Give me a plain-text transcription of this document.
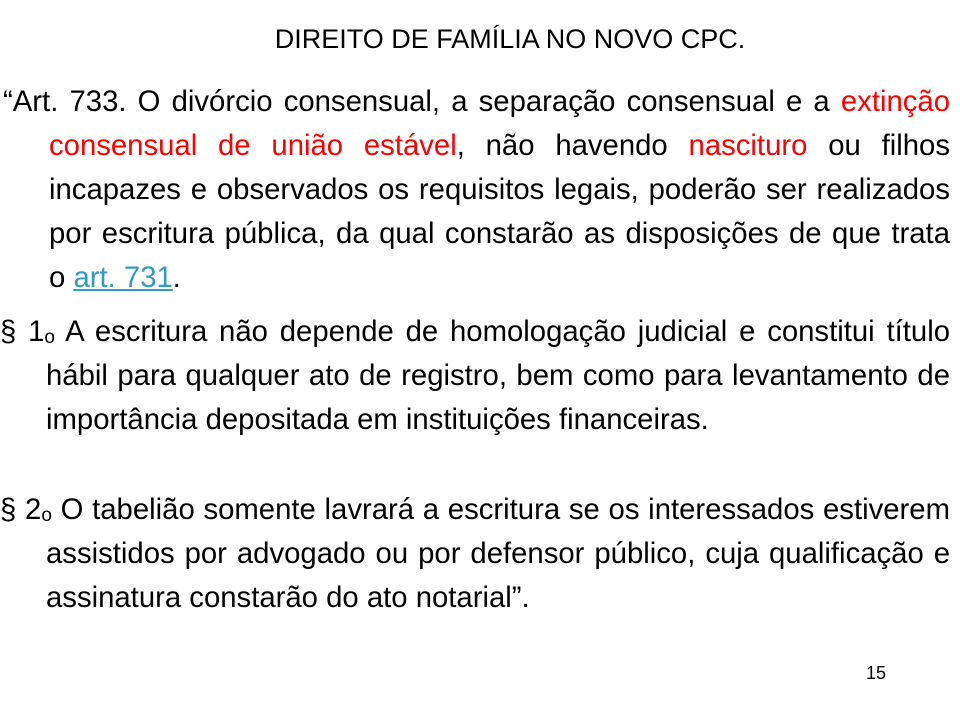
DIREITO DE FAMÍLIA NO NOVO CPC.

“Art. 733. O divórcio consensual, a separação consensual e a extinção consensual de união estável, não havendo nascituro ou filhos incapazes e observados os requisitos legais, poderão ser realizados por escritura pública, da qual constarão as disposições de que trata o art. 731.

§ 1$^o$ A escritura não depende de homologação judicial e constitui título hábil para qualquer ato de registro, bem como para levantamento de importância depositada em instituições financeiras.

§ 2$^o$ O tabelião somente lavrará a escritura se os interessados estiverem assistidos por advogado ou por defensor público, cuja qualificação e assinatura constarão do ato notarial”.

15
